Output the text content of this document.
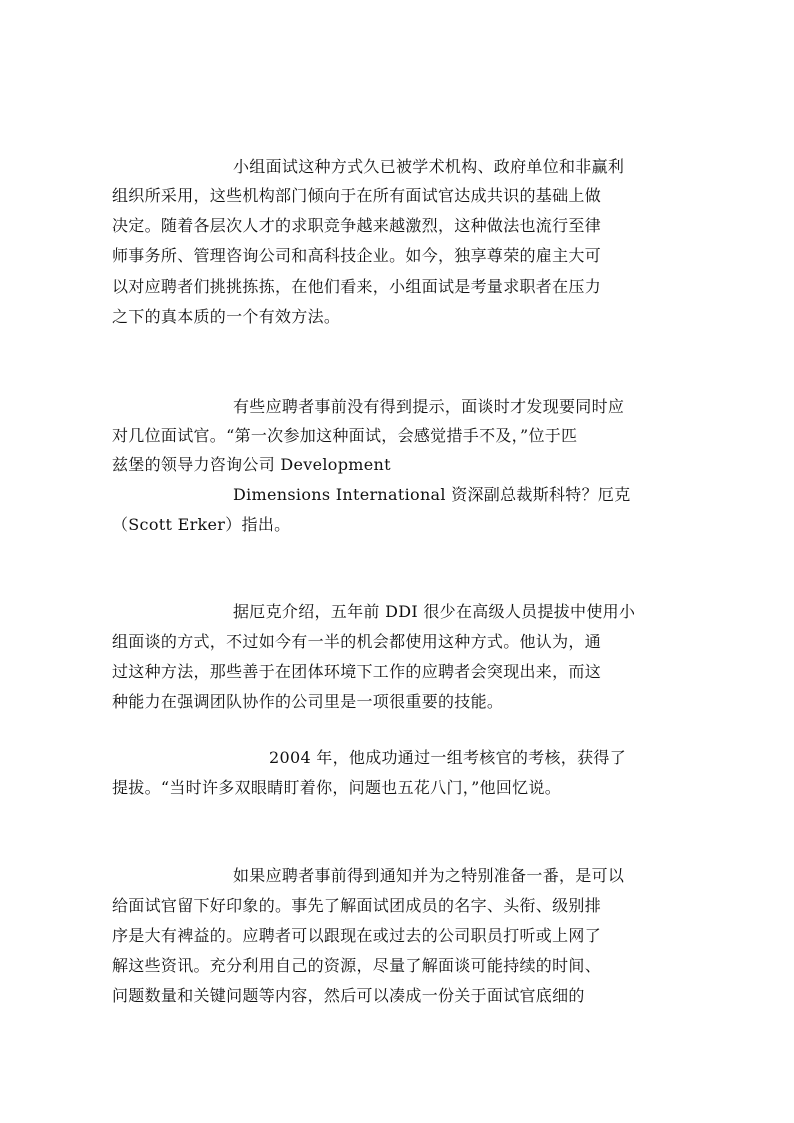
小组面试这种方式久已被学术机构、政府单位和非赢利
组织所采用，这些机构部门倾向于在所有面试官达成共识的基础上做
决定。随着各层次人才的求职竞争越来越激烈，这种做法也流行至律
师事务所、管理咨询公司和高科技企业。如今，独享尊荣的雇主大可
以对应聘者们挑挑拣拣，在他们看来，小组面试是考量求职者在压力
之下的真本质的一个有效方法。
有些应聘者事前没有得到提示，面谈时才发现要同时应
对几位面试官。“第一次参加这种面试，会感觉措手不及，”位于匹
兹堡的领导力咨询公司 Development
Dimensions International 资深副总裁斯科特？厄克
（Scott Erker）指出。
据厄克介绍，五年前 DDI 很少在高级人员提拔中使用小
组面谈的方式，不过如今有一半的机会都使用这种方式。他认为，通
过这种方法，那些善于在团体环境下工作的应聘者会突现出来，而这
种能力在强调团队协作的公司里是一项很重要的技能。
2004 年，他成功通过一组考核官的考核，获得了
提拔。“当时许多双眼睛盯着你，问题也五花八门，”他回忆说。
如果应聘者事前得到通知并为之特别准备一番，是可以
给面试官留下好印象的。事先了解面试团成员的名字、头衔、级别排
序是大有裨益的。应聘者可以跟现在或过去的公司职员打听或上网了
解这些资讯。充分利用自己的资源，尽量了解面谈可能持续的时间、
问题数量和关键问题等内容，然后可以凑成一份关于面试官底细的
